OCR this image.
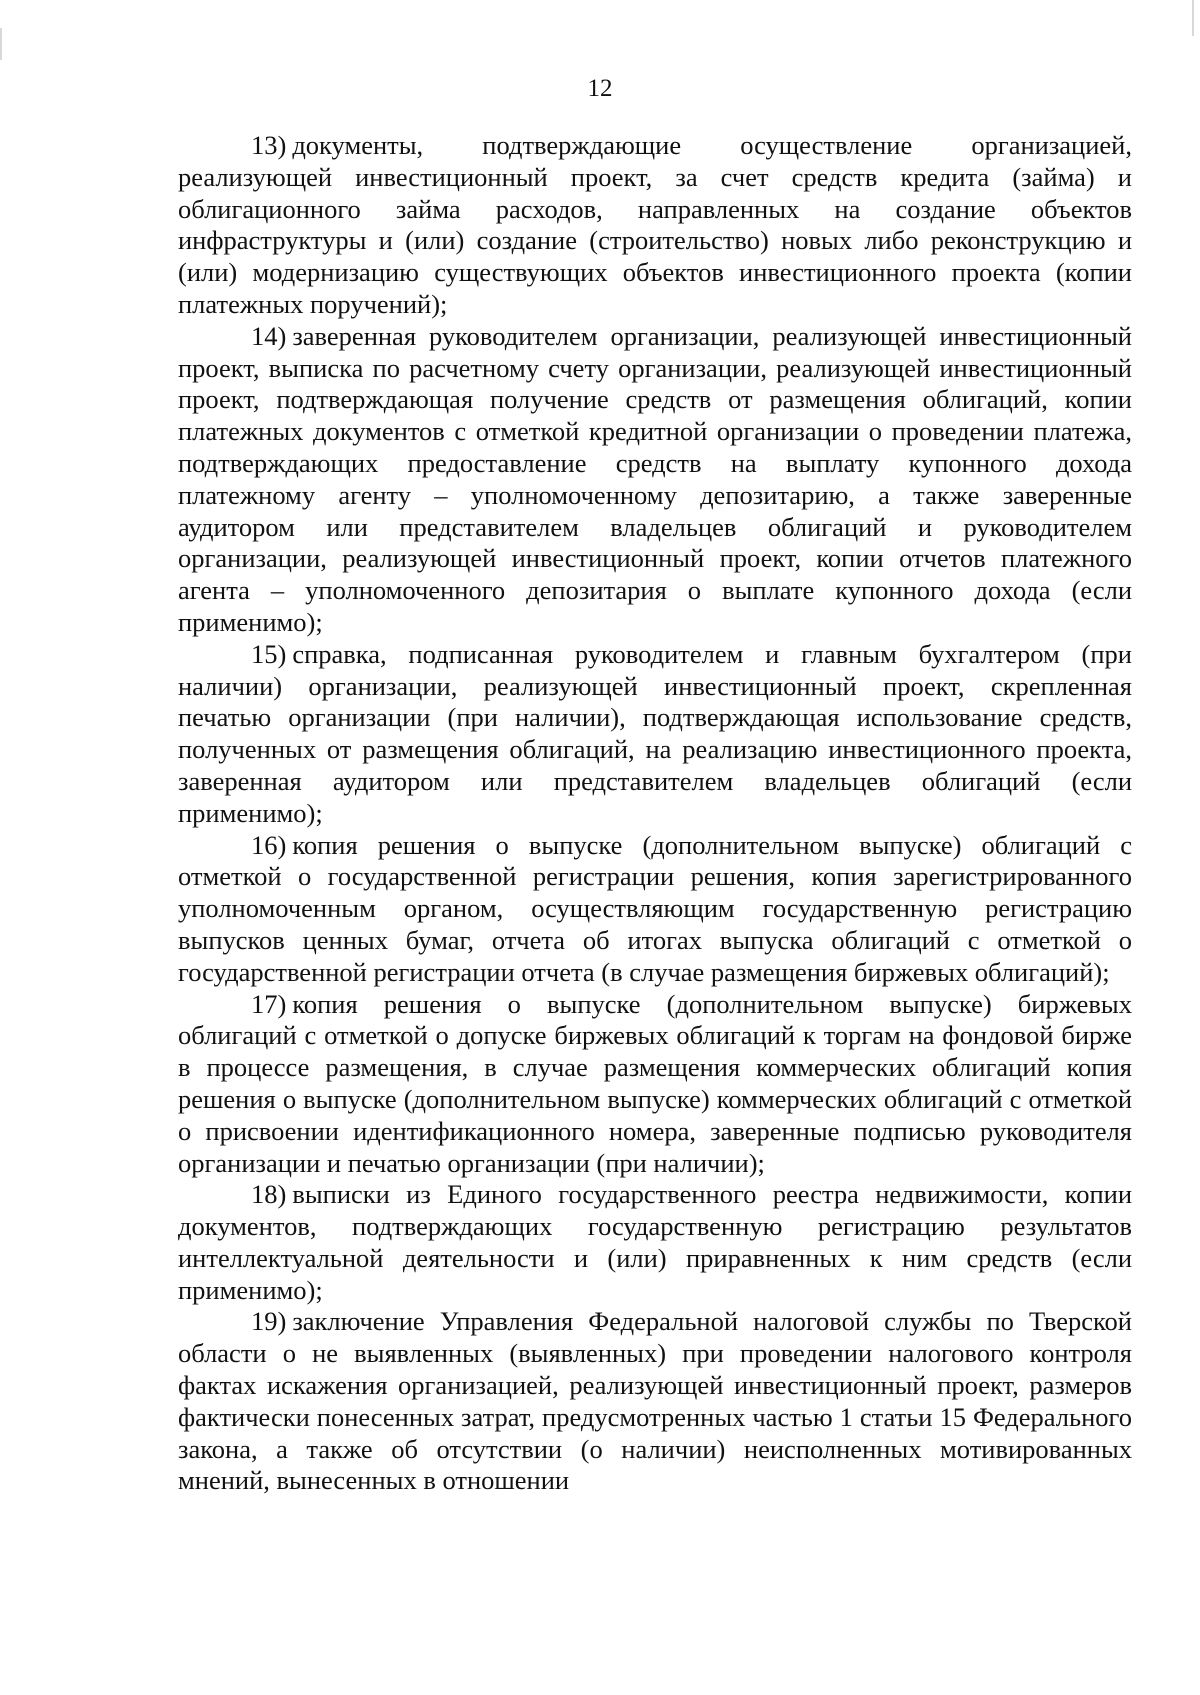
12

13) документы, подтверждающие осуществление организацией, реализующей инвестиционный проект, за счет средств кредита (займа) и облигационного займа расходов, направленных на создание объектов инфраструктуры и (или) создание (строительство) новых либо реконструкцию и (или) модернизацию существующих объектов инвестиционного проекта (копии платежных поручений);

14) заверенная руководителем организации, реализующей инвестиционный проект, выписка по расчетному счету организации, реализующей инвестиционный проект, подтверждающая получение средств от размещения облигаций, копии платежных документов с отметкой кредитной организации о проведении платежа, подтверждающих предоставление средств на выплату купонного дохода платежному агенту – уполномоченному депозитарию, а также заверенные аудитором или представителем владельцев облигаций и руководителем организации, реализующей инвестиционный проект, копии отчетов платежного агента – уполномоченного депозитария о выплате купонного дохода (если применимо);

15) справка, подписанная руководителем и главным бухгалтером (при наличии) организации, реализующей инвестиционный проект, скрепленная печатью организации (при наличии), подтверждающая использование средств, полученных от размещения облигаций, на реализацию инвестиционного проекта, заверенная аудитором или представителем владельцев облигаций (если применимо);

16) копия решения о выпуске (дополнительном выпуске) облигаций с отметкой о государственной регистрации решения, копия зарегистрированного уполномоченным органом, осуществляющим государственную регистрацию выпусков ценных бумаг, отчета об итогах выпуска облигаций с отметкой о государственной регистрации отчета (в случае размещения биржевых облигаций);

17) копия решения о выпуске (дополнительном выпуске) биржевых облигаций с отметкой о допуске биржевых облигаций к торгам на фондовой бирже в процессе размещения, в случае размещения коммерческих облигаций копия решения о выпуске (дополнительном выпуске) коммерческих облигаций с отметкой о присвоении идентификационного номера, заверенные подписью руководителя организации и печатью организации (при наличии);

18) выписки из Единого государственного реестра недвижимости, копии документов, подтверждающих государственную регистрацию результатов интеллектуальной деятельности и (или) приравненных к ним средств (если применимо);

19) заключение Управления Федеральной налоговой службы по Тверской области о не выявленных (выявленных) при проведении налогового контроля фактах искажения организацией, реализующей инвестиционный проект, размеров фактически понесенных затрат, предусмотренных частью 1 статьи 15 Федерального закона, а также об отсутствии (о наличии) неисполненных мотивированных мнений, вынесенных в отношении
